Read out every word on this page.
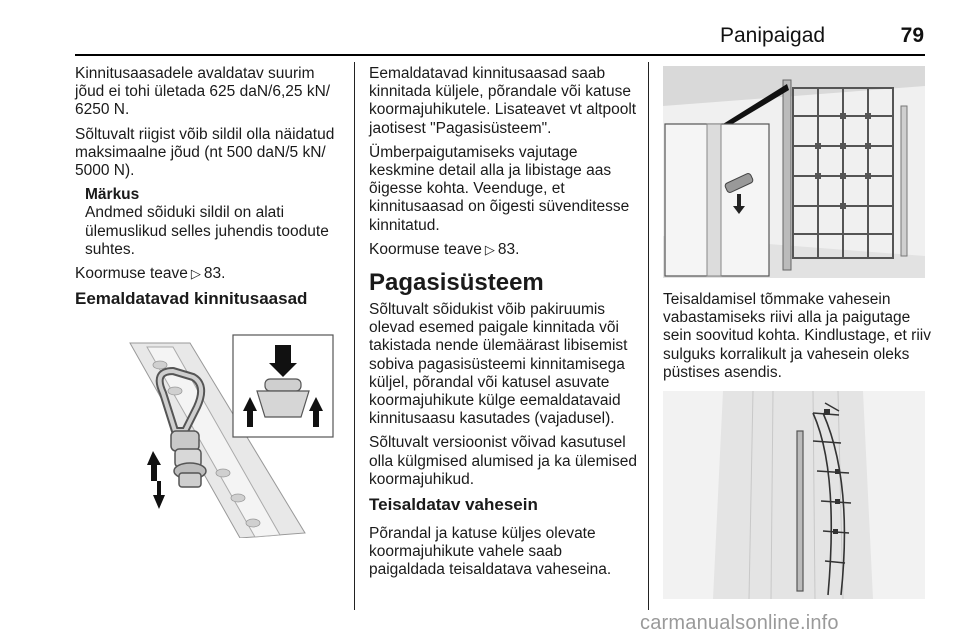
Panipaigad	79

Kinnitusaasadele avaldatav suurim jõud ei tohi ületada 625 daN/6,25 kN/ 6250 N.

Sõltuvalt riigist võib sildil olla näidatud maksimaalne jõud (nt 500 daN/5 kN/ 5000 N).

Märkus
Andmed sõiduki sildil on alati ülemuslikud selles juhendis toodute suhtes.

Koormuse teave ▷ 83.

Eemaldatavad kinnitusaasad

Eemaldatavad kinnitusaasad saab kinnitada küljele, põrandale või katuse koormajuhikutele. Lisateavet vt altpoolt jaotisest "Pagasisüsteem".

Ümberpaigutamiseks vajutage keskmine detail alla ja libistage aas õigesse kohta. Veenduge, et kinnitusaasad on õigesti süvenditesse kinnitatud.

Koormuse teave ▷ 83.

Pagasisüsteem

Sõltuvalt sõidukist võib pakiruumis olevad esemed paigale kinnitada või takistada nende ülemäärast libisemist sobiva pagasisüsteemi kinnitamisega küljel, põrandal või katusel asuvate koormajuhikute külge eemaldatavaid kinnitusaasu kasutades (vajadusel).

Sõltuvalt versioonist võivad kasutusel olla külgmised alumised ja ka ülemised koormajuhikud.

Teisaldatav vahesein

Põrandal ja katuse küljes olevate koormajuhikute vahele saab paigaldada teisaldatava vaheseina.

Teisaldamisel tõmmake vahesein vabastamiseks riivi alla ja paigutage sein soovitud kohta. Kindlustage, et riiv sulguks korralikult ja vahesein oleks püstises asendis.

carmanualsonline.info
